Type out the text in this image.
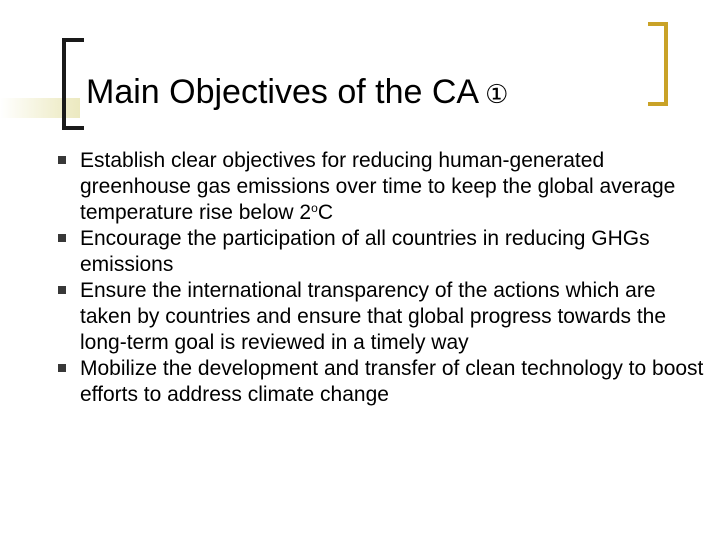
Main Objectives of the CA ①
Establish clear objectives for reducing human-generated greenhouse gas emissions over time to keep the global average temperature rise below 2$^o$C
Encourage the participation of all countries in reducing GHGs emissions
Ensure the international transparency of the actions which are taken by countries and ensure that global progress towards the long-term goal is reviewed in a timely way
Mobilize the development and transfer of clean technology to boost efforts to address climate change
